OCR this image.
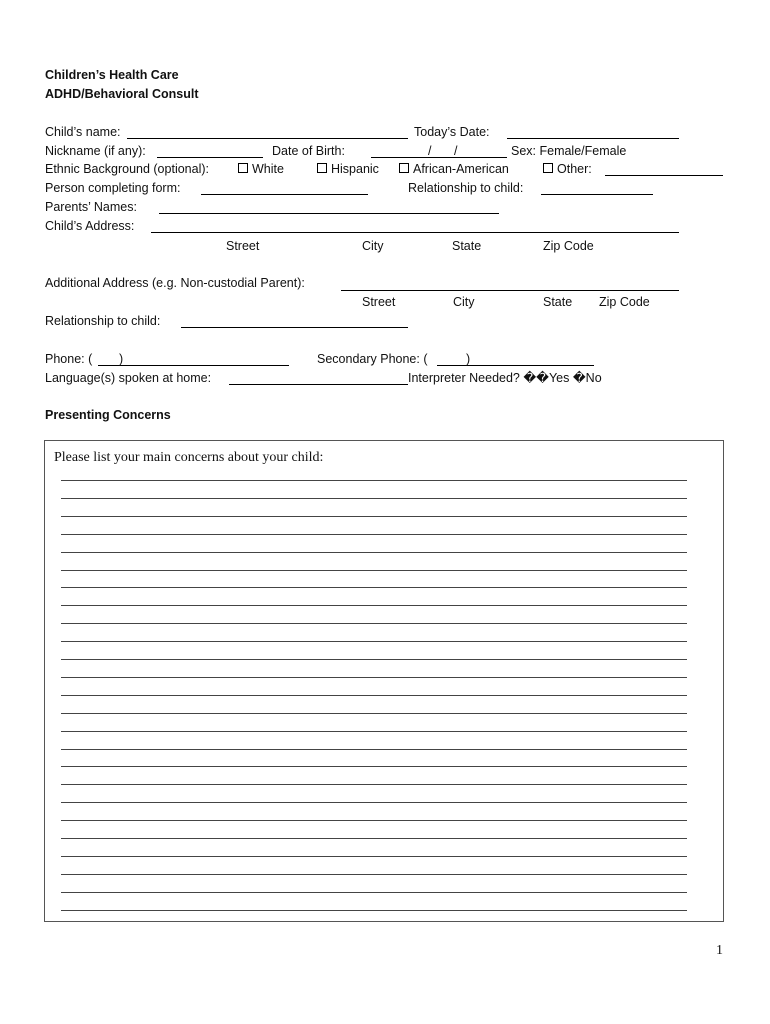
Children’s Health Care
ADHD/Behavioral Consult
Child’s name:	Today’s Date:
Nickname (if any):	Date of Birth:	/ /	Sex: Female/Female
Ethnic Background (optional):	White	Hispanic	African-American	Other:
Person completing form:	Relationship to child:
Parents’ Names:
Child’s Address:
Street	City	State	Zip Code
Additional Address (e.g. Non-custodial Parent):
Street	City	State Zip Code
Relationship to child:
Phone: ( )	Secondary Phone: (	)
Language(s) spoken at home:	Interpreter Needed? ��Yes �No
Presenting Concerns
Please list your main concerns about your child:
1
